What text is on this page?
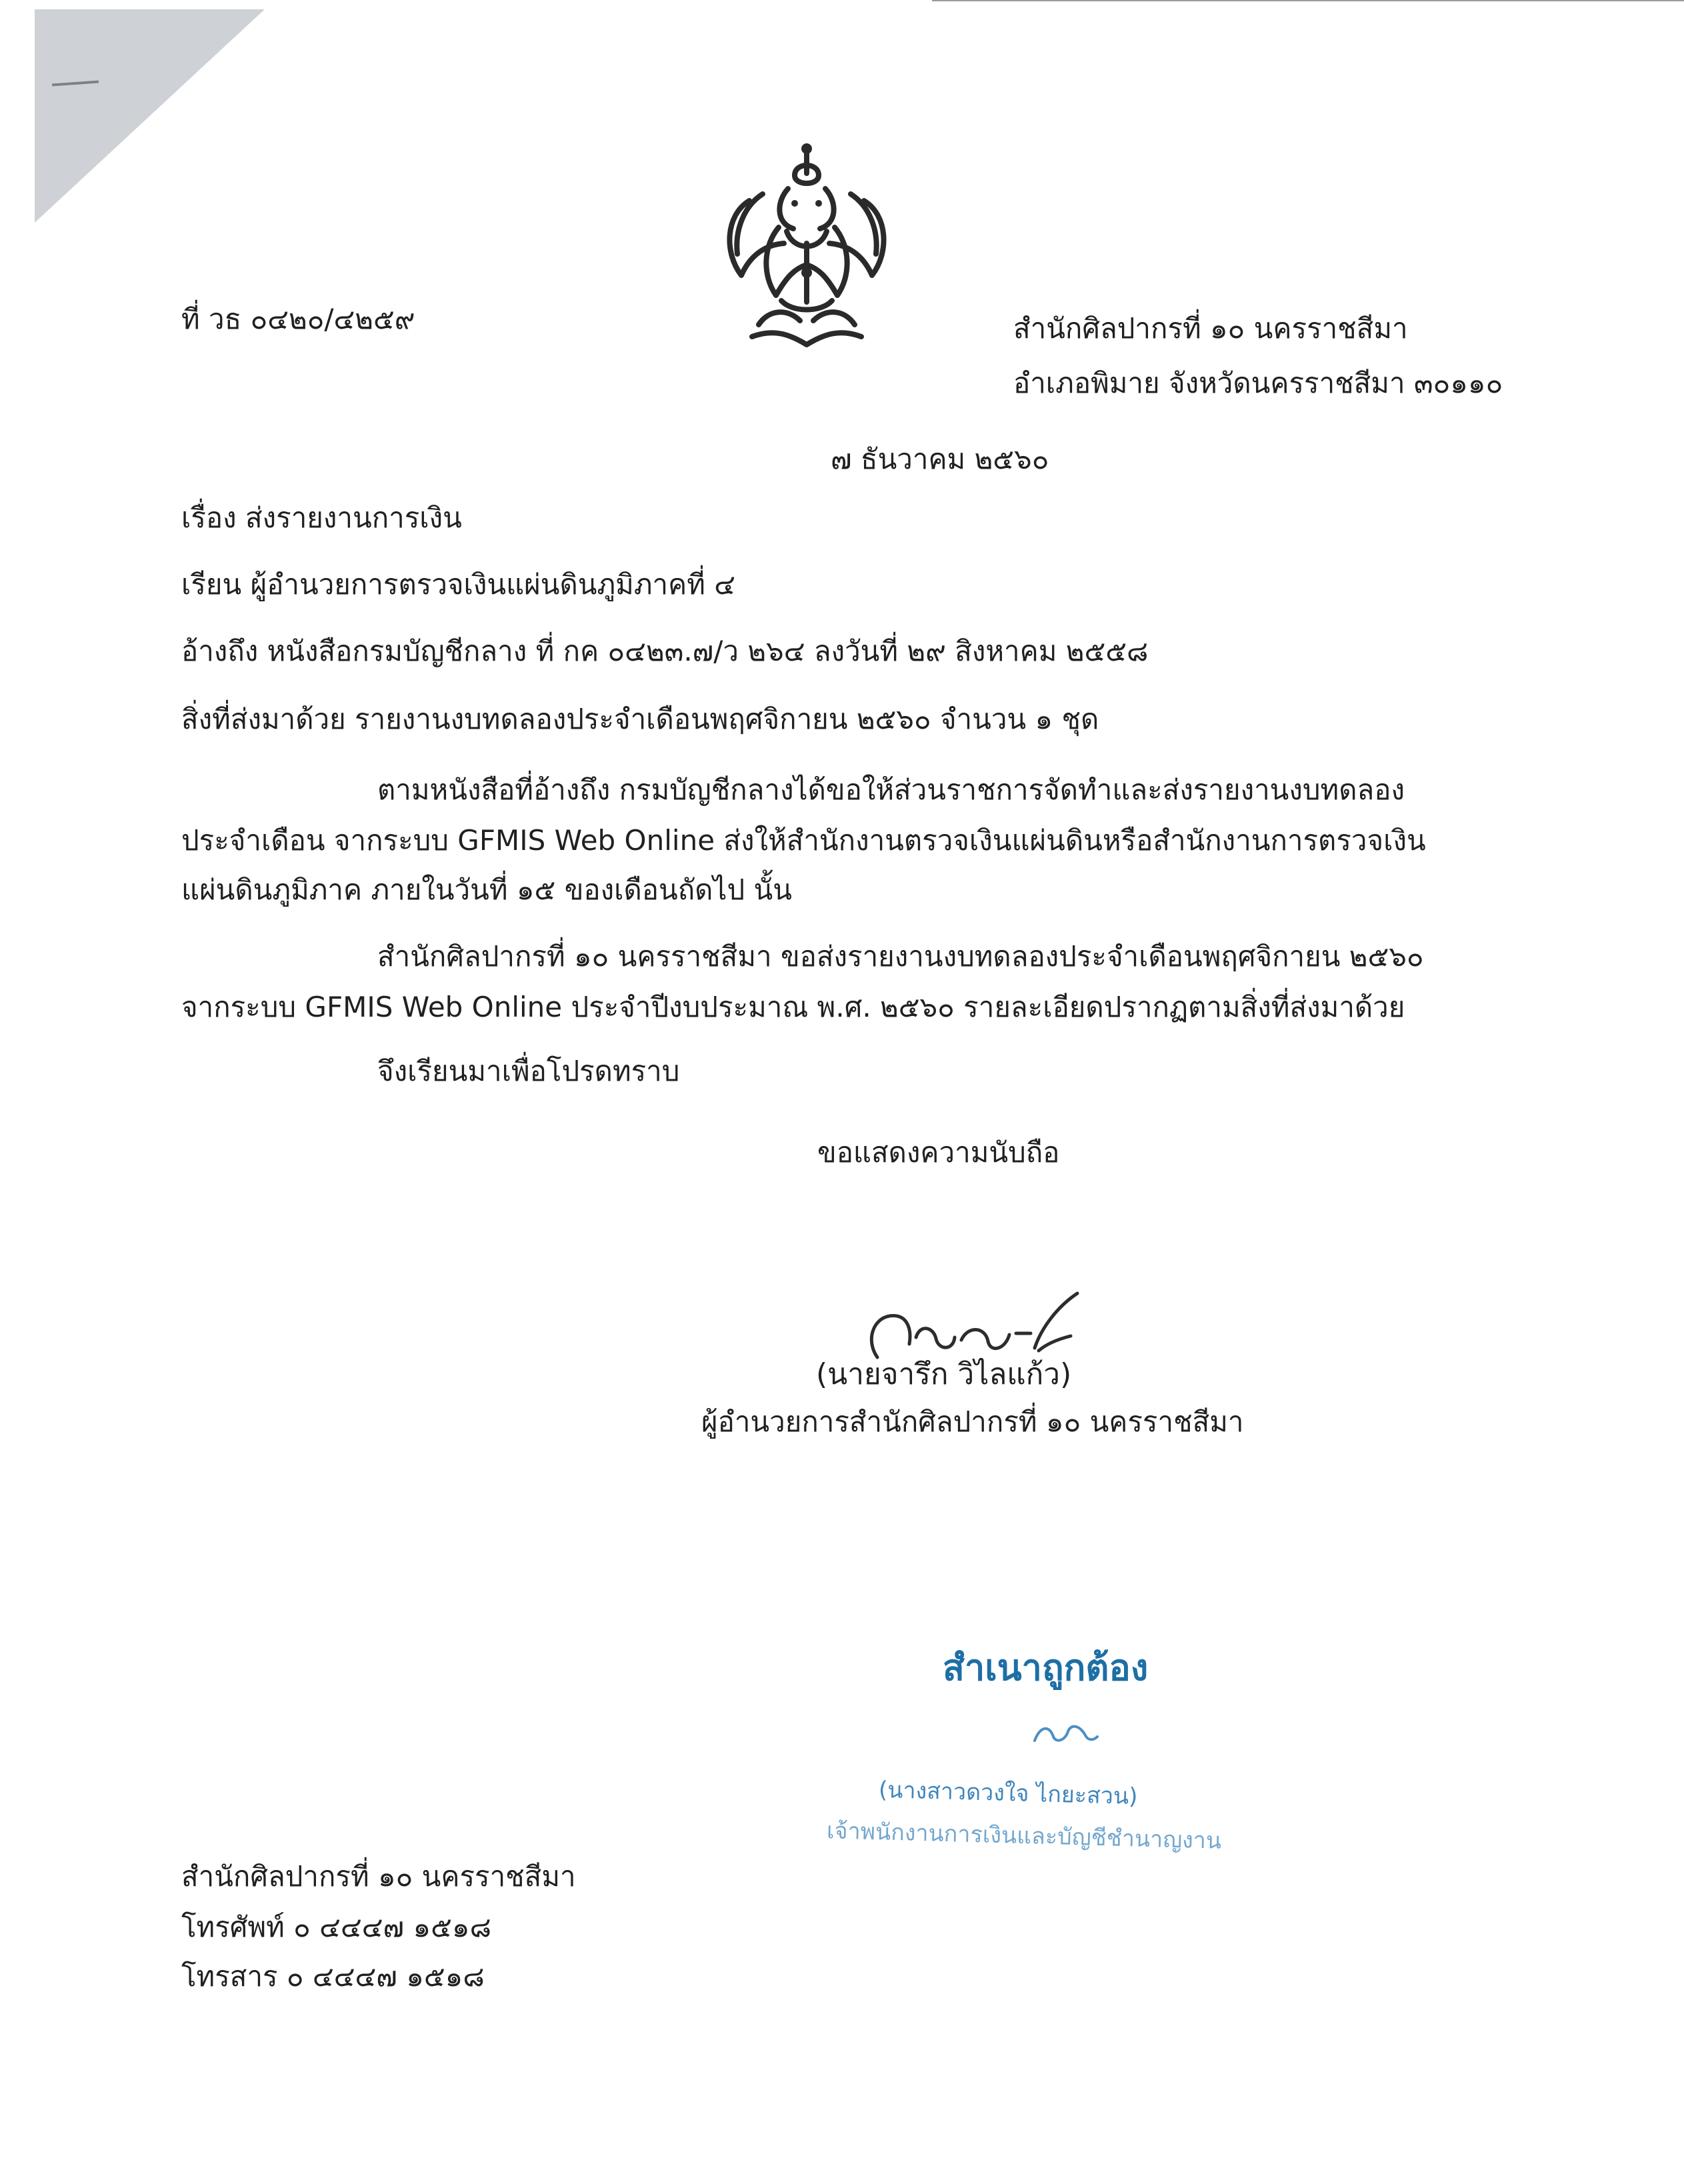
ที่ วธ ๐๔๒๐/๔๒๕๙	สำนักศิลปากรที่ ๑๐ นครราชสีมา
อำเภอพิมาย จังหวัดนครราชสีมา ๓๐๑๑๐
๗ ธันวาคม ๒๕๖๐
เรื่อง ส่งรายงานการเงิน
เรียน ผู้อำนวยการตรวจเงินแผ่นดินภูมิภาคที่ ๔
อ้างถึง หนังสือกรมบัญชีกลาง ที่ กค ๐๔๒๓.๗/ว ๒๖๔ ลงวันที่ ๒๙ สิงหาคม ๒๕๕๘
สิ่งที่ส่งมาด้วย รายงานงบทดลองประจำเดือนพฤศจิกายน ๒๕๖๐ จำนวน ๑ ชุด
ตามหนังสือที่อ้างถึง กรมบัญชีกลางได้ขอให้ส่วนราชการจัดทำและส่งรายงานงบทดลอง
ประจำเดือน จากระบบ GFMIS Web Online ส่งให้สำนักงานตรวจเงินแผ่นดินหรือสำนักงานการตรวจเงิน
แผ่นดินภูมิภาค ภายในวันที่ ๑๕ ของเดือนถัดไป นั้น
สำนักศิลปากรที่ ๑๐ นครราชสีมา ขอส่งรายงานงบทดลองประจำเดือนพฤศจิกายน ๒๕๖๐
จากระบบ GFMIS Web Online ประจำปีงบประมาณ พ.ศ. ๒๕๖๐ รายละเอียดปรากฏตามสิ่งที่ส่งมาด้วย
จึงเรียนมาเพื่อโปรดทราบ
ขอแสดงความนับถือ
(นายจารึก วิไลแก้ว)
ผู้อำนวยการสำนักศิลปากรที่ ๑๐ นครราชสีมา
สำเนาถูกต้อง
(นางสาวดวงใจ ไกยะสวน)
เจ้าพนักงานการเงินและบัญชีชำนาญงาน
สำนักศิลปากรที่ ๑๐ นครราชสีมา
โทรศัพท์ ๐ ๔๔๔๗ ๑๕๑๘
โทรสาร ๐ ๔๔๔๗ ๑๕๑๘
